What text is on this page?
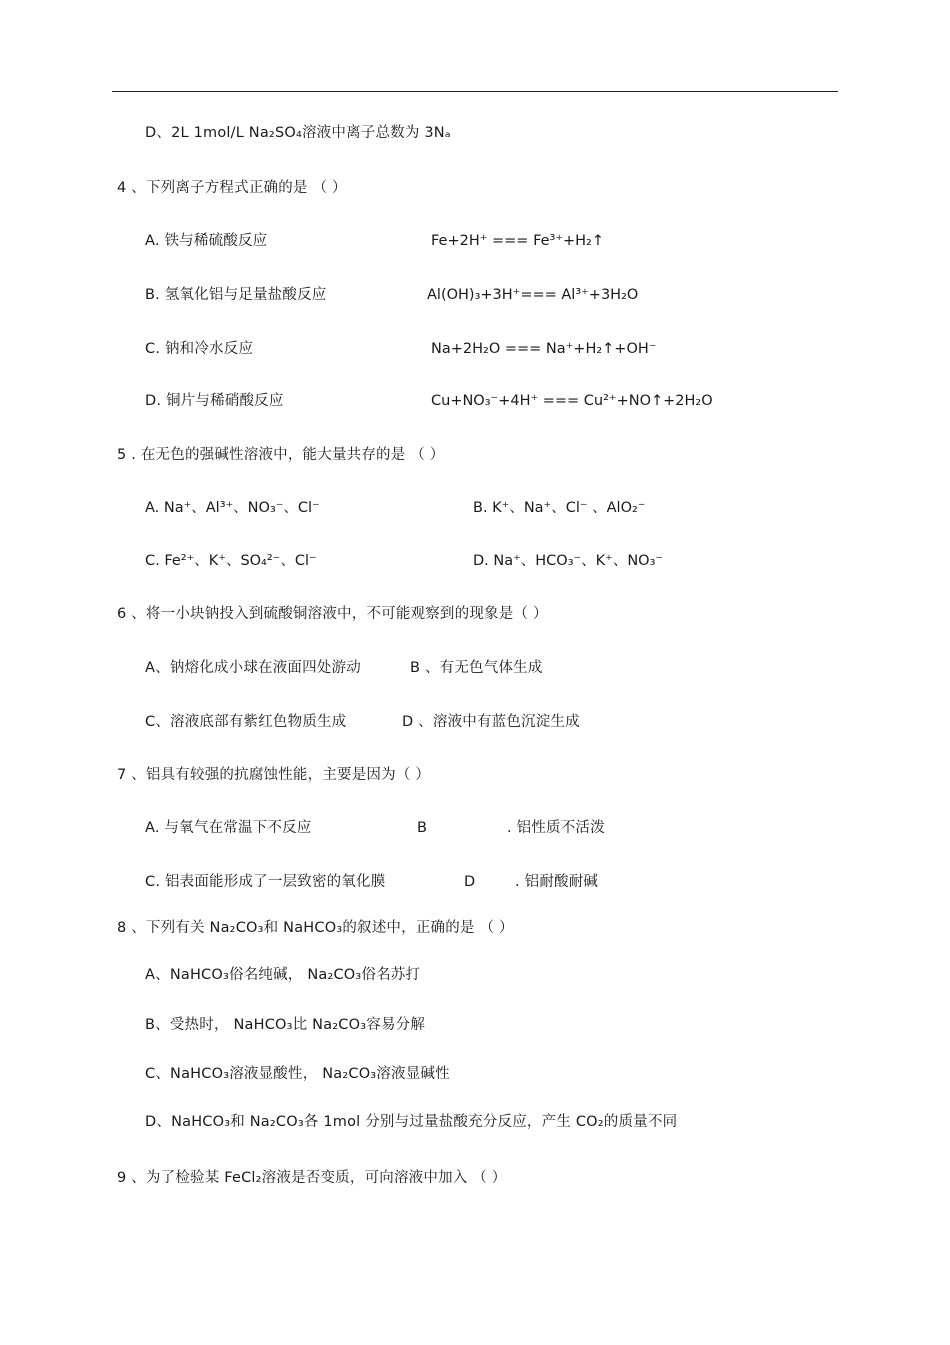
D、2L 1mol/L Na₂SO₄溶液中离子总数为 3Nₐ
4 、下列离子方程式正确的是 （ ）
A. 铁与稀硫酸反应	Fe+2H⁺ === Fe³⁺+H₂↑
B. 氢氧化铝与足量盐酸反应	Al(OH)₃+3H⁺=== Al³⁺+3H₂O
C. 钠和冷水反应	Na+2H₂O === Na⁺+H₂↑+OH⁻
D. 铜片与稀硝酸反应	Cu+NO₃⁻+4H⁺ === Cu²⁺+NO↑+2H₂O
5 . 在无色的强碱性溶液中，能大量共存的是 （ ）
A. Na⁺、Al³⁺、NO₃⁻、Cl⁻	B. K⁺、Na⁺、Cl⁻ 、AlO₂⁻
C. Fe²⁺、K⁺、SO₄²⁻、Cl⁻	D. Na⁺、HCO₃⁻、K⁺、NO₃⁻
6 、将一小块钠投入到硫酸铜溶液中，不可能观察到的现象是（ ）
A、钠熔化成小球在液面四处游动	B 、有无色气体生成
C、溶液底部有紫红色物质生成	D 、溶液中有蓝色沉淀生成
7 、铝具有较强的抗腐蚀性能，主要是因为（ ）
A. 与氧气在常温下不反应	B	. 铝性质不活泼
C. 铝表面能形成了一层致密的氧化膜	D	. 铝耐酸耐碱
8 、下列有关 Na₂CO₃和 NaHCO₃的叙述中，正确的是 （ ）
A、NaHCO₃俗名纯碱， Na₂CO₃俗名苏打
B、受热时， NaHCO₃比 Na₂CO₃容易分解
C、NaHCO₃溶液显酸性， Na₂CO₃溶液显碱性
D、NaHCO₃和 Na₂CO₃各 1mol 分别与过量盐酸充分反应，产生 CO₂的质量不同
9 、为了检验某 FeCl₂溶液是否变质，可向溶液中加入 （ ）
